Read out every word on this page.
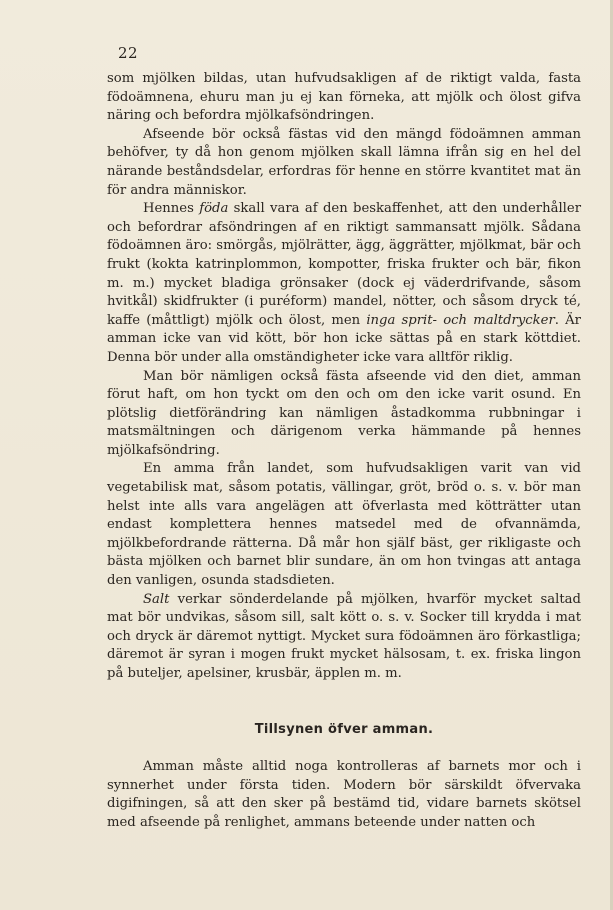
22

som mjölken bildas, utan hufvudsakligen af de riktigt valda, fasta födoämnena, ehuru man ju ej kan förneka, att mjölk och ölost gifva näring och befordra mjölkafsöndringen.

Afseende bör också fästas vid den mängd födoämnen amman behöfver, ty då hon genom mjölken skall lämna ifrån sig en hel del närande beståndsdelar, erfordras för henne en större kvantitet mat än för andra människor.

Hennes föda skall vara af den beskaffenhet, att den underhåller och befordrar afsöndringen af en riktigt sammansatt mjölk. Sådana födoämnen äro: smörgås, mjölrätter, ägg, äggrätter, mjölkmat, bär och frukt (kokta katrinplommon, kompotter, friska frukter och bär, fikon m. m.) mycket bladiga grönsaker (dock ej väderdrifvande, såsom hvitkål) skidfrukter (i puréform) mandel, nötter, och såsom dryck té, kaffe (måttligt) mjölk och ölost, men inga sprit- och maltdrycker. Är amman icke van vid kött, bör hon icke sättas på en stark köttdiet. Denna bör under alla omständigheter icke vara alltför riklig.

Man bör nämligen också fästa afseende vid den diet, amman förut haft, om hon tyckt om den och om den icke varit osund. En plötslig dietförändring kan nämligen åstadkomma rubbningar i matsmältningen och därigenom verka hämmande på hennes mjölkafsöndring.

En amma från landet, som hufvudsakligen varit van vid vegetabilisk mat, såsom potatis, vällingar, gröt, bröd o. s. v. bör man helst inte alls vara angelägen att öfverlasta med kötträtter utan endast komplettera hennes matsedel med de ofvannämda, mjölkbefordrande rätterna. Då mår hon själf bäst, ger rikligaste och bästa mjölken och barnet blir sundare, än om hon tvingas att antaga den vanligen, osunda stadsdieten.

Salt verkar sönderdelande på mjölken, hvarför mycket saltad mat bör undvikas, såsom sill, salt kött o. s. v. Socker till krydda i mat och dryck är däremot nyttigt. Mycket sura födoämnen äro förkastliga; däremot är syran i mogen frukt mycket hälsosam, t. ex. friska lingon på buteljer, apelsiner, krusbär, äpplen m. m.

Tillsynen öfver amman.

Amman måste alltid noga kontrolleras af barnets mor och i synnerhet under första tiden. Modern bör särskildt öfvervaka digifningen, så att den sker på bestämd tid, vidare barnets skötsel med afseende på renlighet, ammans beteende under natten och
